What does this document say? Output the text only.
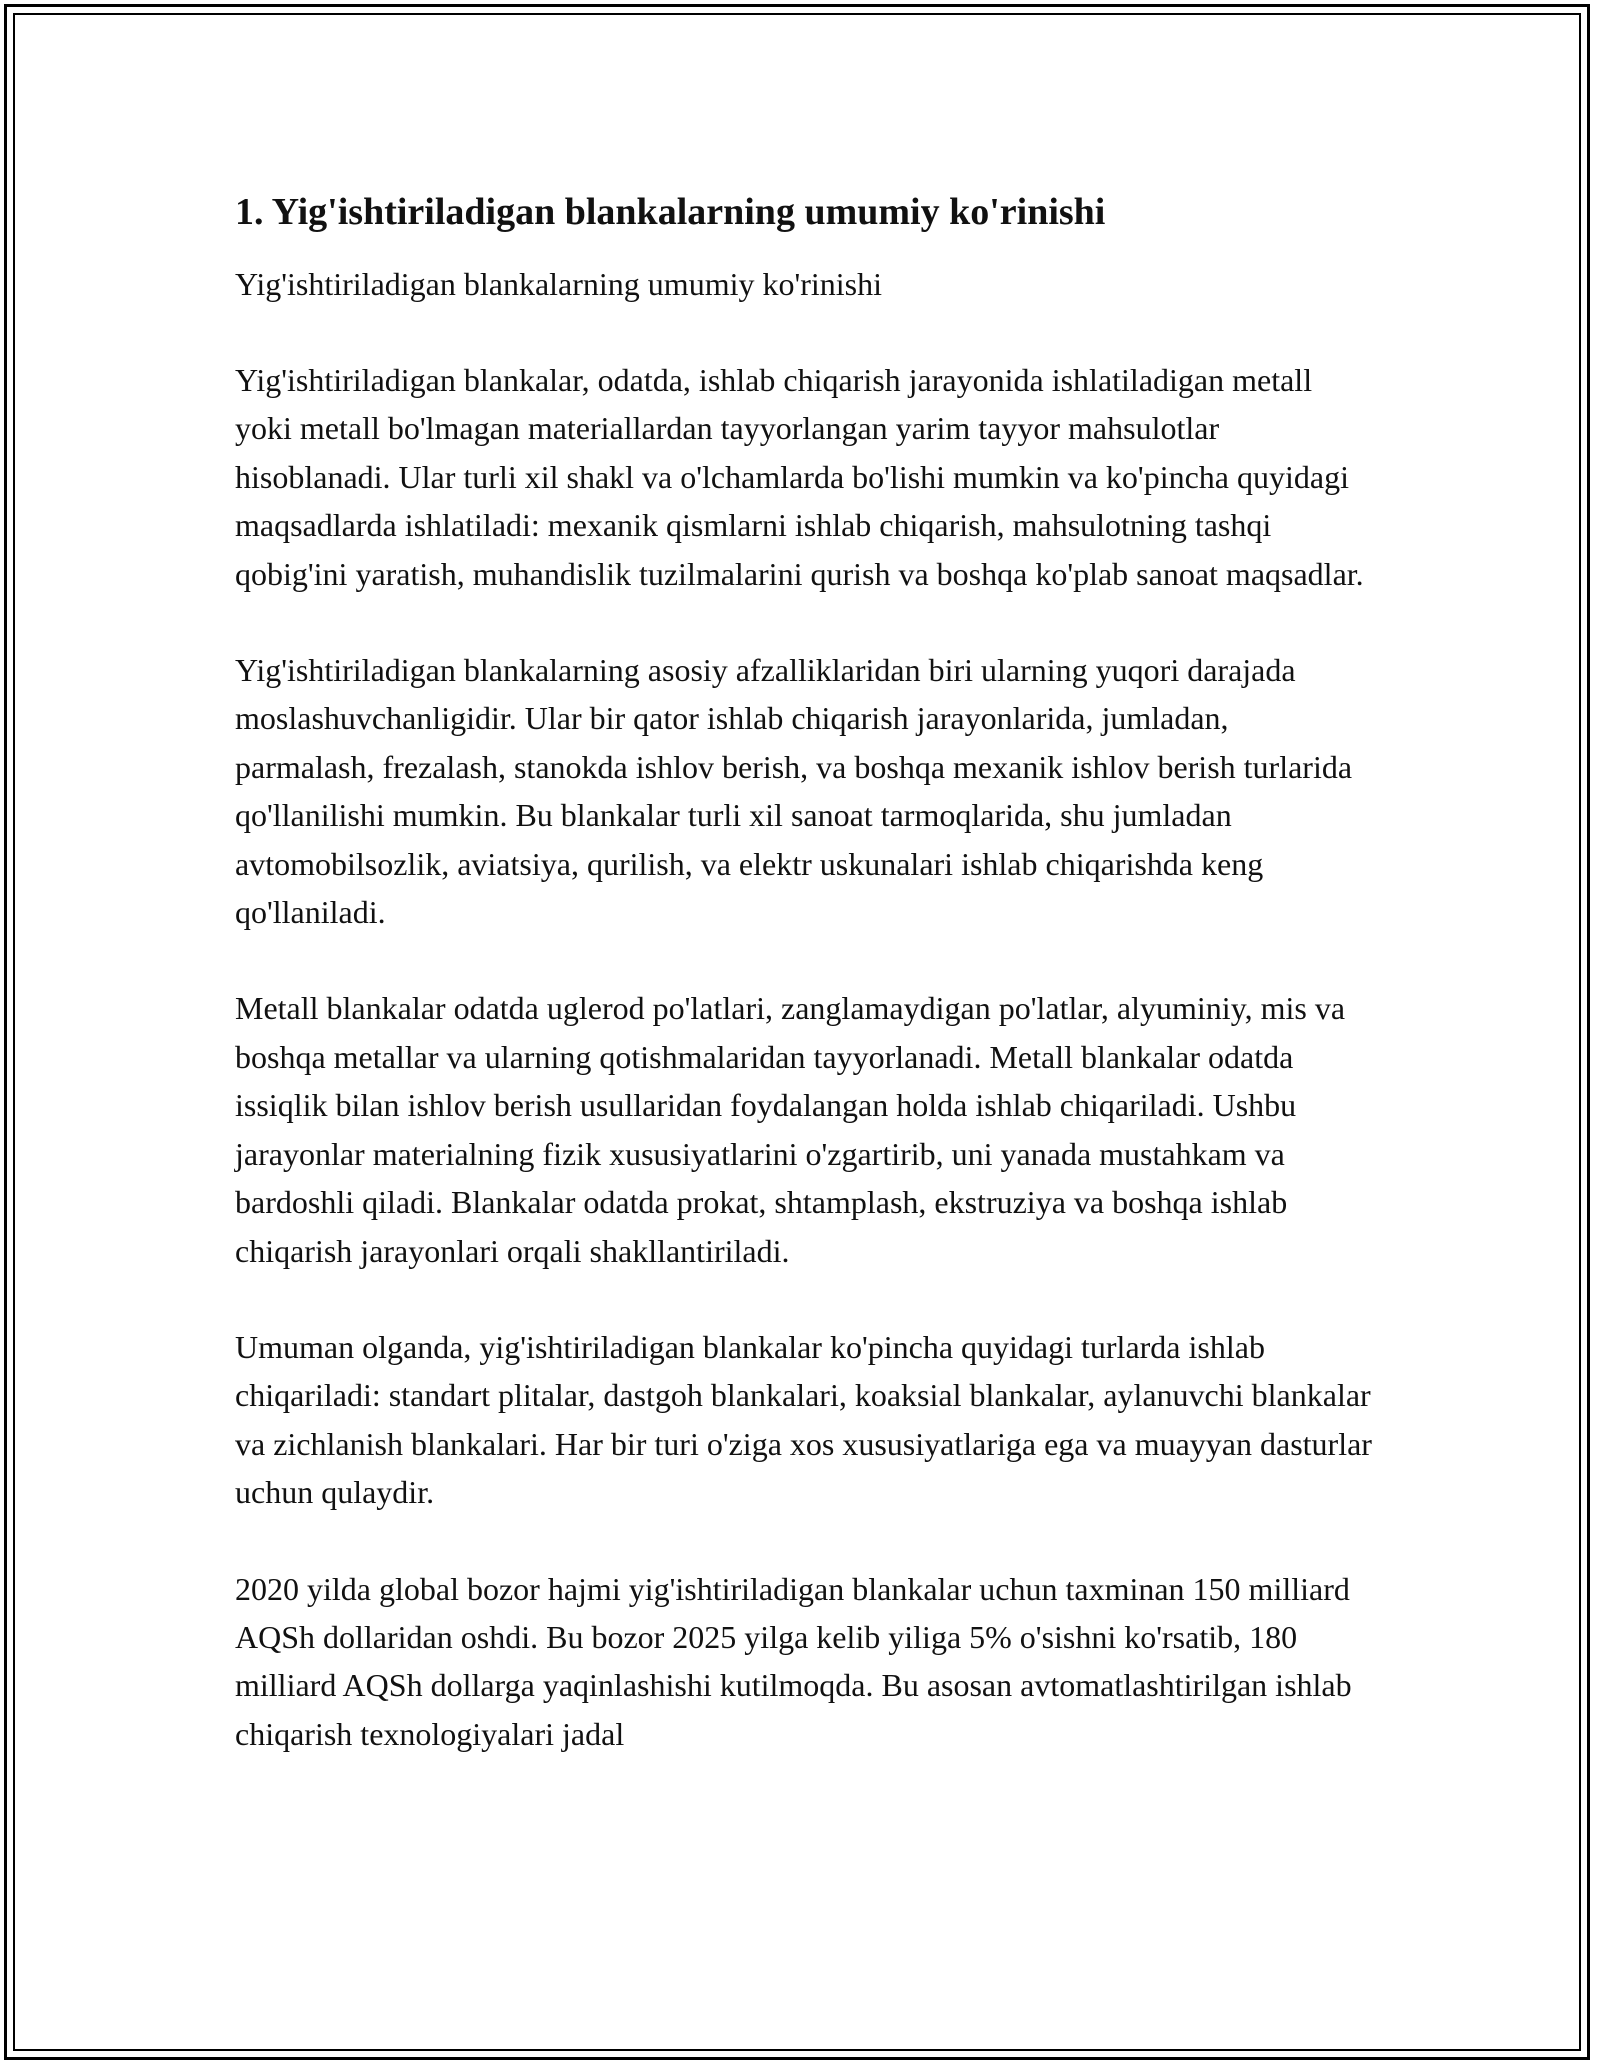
1. Yig'ishtiriladigan blankalarning umumiy ko'rinishi

Yig'ishtiriladigan blankalarning umumiy ko'rinishi

Yig'ishtiriladigan blankalar, odatda, ishlab chiqarish jarayonida ishlatiladigan metall yoki metall bo'lmagan materiallardan tayyorlangan yarim tayyor mahsulotlar hisoblanadi. Ular turli xil shakl va o'lchamlarda bo'lishi mumkin va ko'pincha quyidagi maqsadlarda ishlatiladi: mexanik qismlarni ishlab chiqarish, mahsulotning tashqi qobig'ini yaratish, muhandislik tuzilmalarini qurish va boshqa ko'plab sanoat maqsadlar.

Yig'ishtiriladigan blankalarning asosiy afzalliklaridan biri ularning yuqori darajada moslashuvchanligidir. Ular bir qator ishlab chiqarish jarayonlarida, jumladan, parmalash, frezalash, stanokda ishlov berish, va boshqa mexanik ishlov berish turlarida qo'llanilishi mumkin. Bu blankalar turli xil sanoat tarmoqlarida, shu jumladan avtomobilsozlik, aviatsiya, qurilish, va elektr uskunalari ishlab chiqarishda keng qo'llaniladi.

Metall blankalar odatda uglerod po'latlari, zanglamaydigan po'latlar, alyuminiy, mis va boshqa metallar va ularning qotishmalaridan tayyorlanadi. Metall blankalar odatda issiqlik bilan ishlov berish usullaridan foydalangan holda ishlab chiqariladi. Ushbu jarayonlar materialning fizik xususiyatlarini o'zgartirib, uni yanada mustahkam va bardoshli qiladi. Blankalar odatda prokat, shtamplash, ekstruziya va boshqa ishlab chiqarish jarayonlari orqali shakllantiriladi.

Umuman olganda, yig'ishtiriladigan blankalar ko'pincha quyidagi turlarda ishlab chiqariladi: standart plitalar, dastgoh blankalari, koaksial blankalar, aylanuvchi blankalar va zichlanish blankalari. Har bir turi o'ziga xos xususiyatlariga ega va muayyan dasturlar uchun qulaydir.

2020 yilda global bozor hajmi yig'ishtiriladigan blankalar uchun taxminan 150 milliard AQSh dollaridan oshdi. Bu bozor 2025 yilga kelib yiliga 5% o'sishni ko'rsatib, 180 milliard AQSh dollarga yaqinlashishi kutilmoqda. Bu asosan avtomatlashtirilgan ishlab chiqarish texnologiyalari jadal
